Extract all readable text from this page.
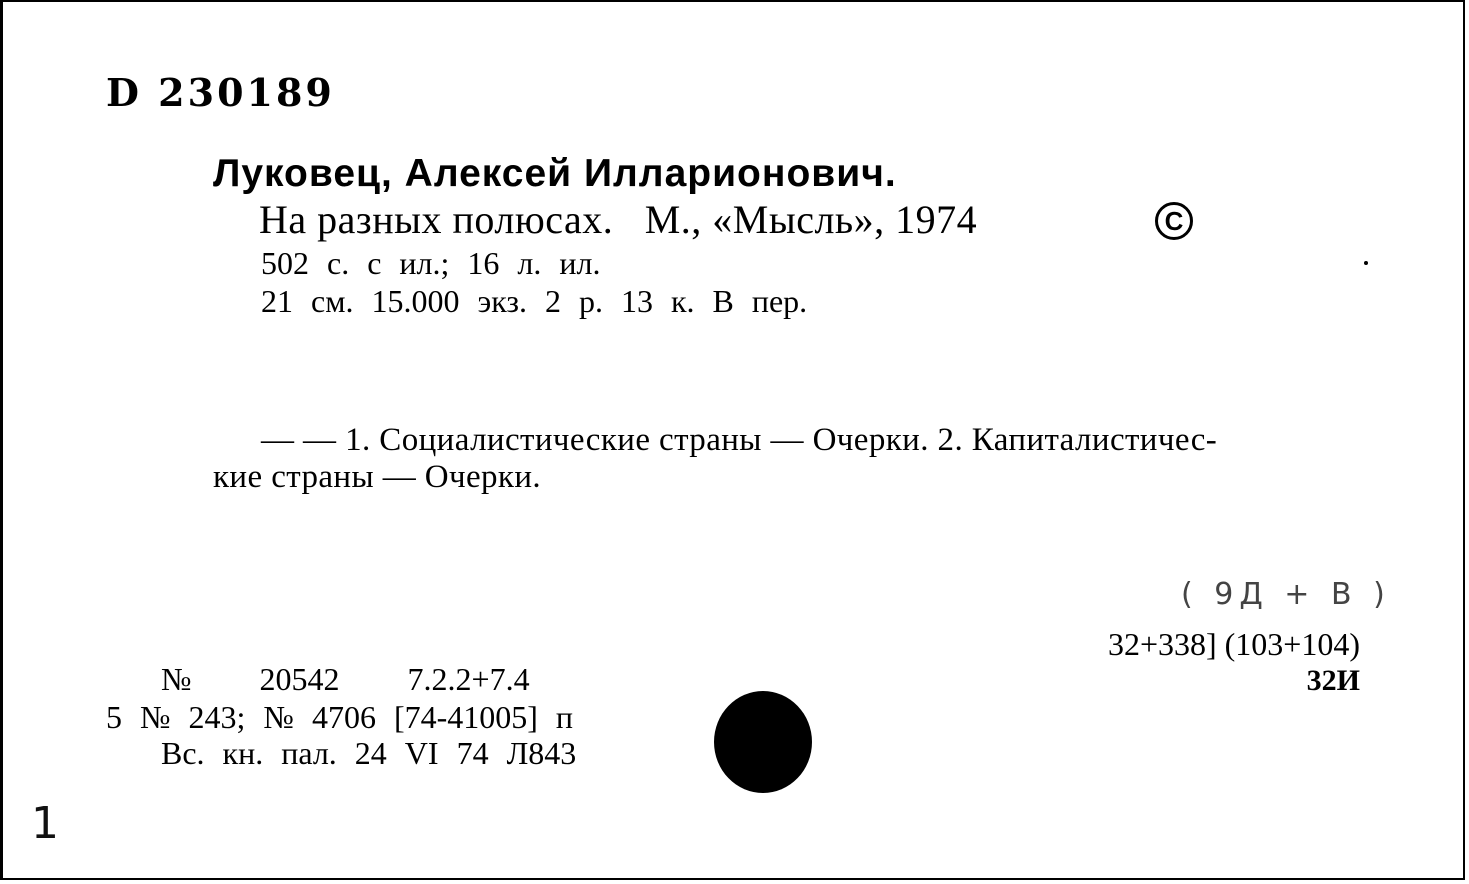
D 230189
Луковец, Алексей Илларионович.
На разных полюсах.   М., «Мысль», 1974	C
502 с. с ил.; 16 л. ил.
21 см. 15.000 экз. 2 р. 13 к. В пер.
— — 1. Социалистические страны — Очерки. 2. Капиталистичес-
кие страны — Очерки.
( 9Д + В )
32+338] (103+104)
32И
№ 20542 7.2.2+7.4
5 № 243; № 4706 [74-41005] п
Вс. кн. пал. 24 VI 74 Л843
1
